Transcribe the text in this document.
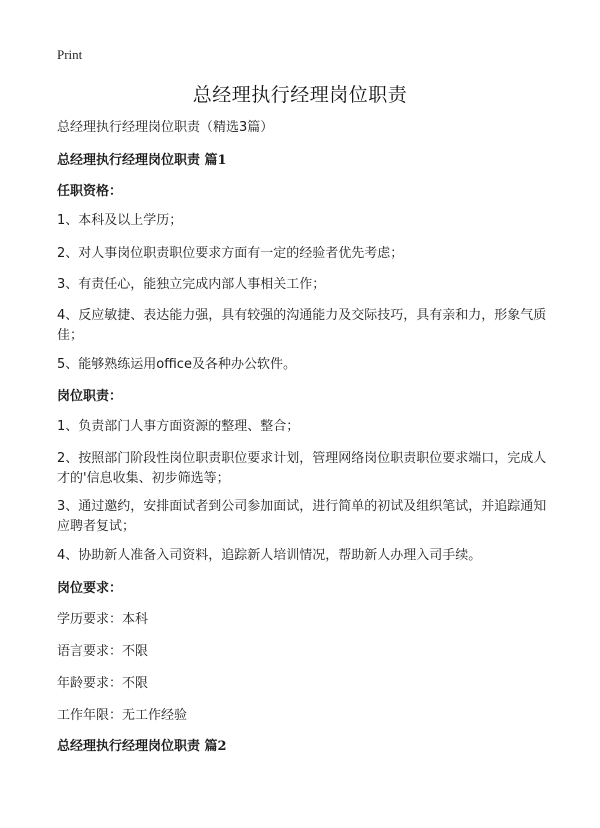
Print
总经理执行经理岗位职责
总经理执行经理岗位职责（精选3篇）
总经理执行经理岗位职责 篇1
任职资格：
1、本科及以上学历；
2、对人事岗位职责职位要求方面有一定的经验者优先考虑；
3、有责任心，能独立完成内部人事相关工作；
4、反应敏捷、表达能力强，具有较强的沟通能力及交际技巧，具有亲和力，形象气质佳；
5、能够熟练运用office及各种办公软件。
岗位职责：
1、负责部门人事方面资源的整理、整合；
2、按照部门阶段性岗位职责职位要求计划，管理网络岗位职责职位要求端口，完成人才的'信息收集、初步筛选等；
3、通过邀约，安排面试者到公司参加面试，进行简单的初试及组织笔试，并追踪通知应聘者复试；
4、协助新人准备入司资料，追踪新人培训情况，帮助新人办理入司手续。
岗位要求：
学历要求：本科
语言要求：不限
年龄要求：不限
工作年限：无工作经验
总经理执行经理岗位职责 篇2
